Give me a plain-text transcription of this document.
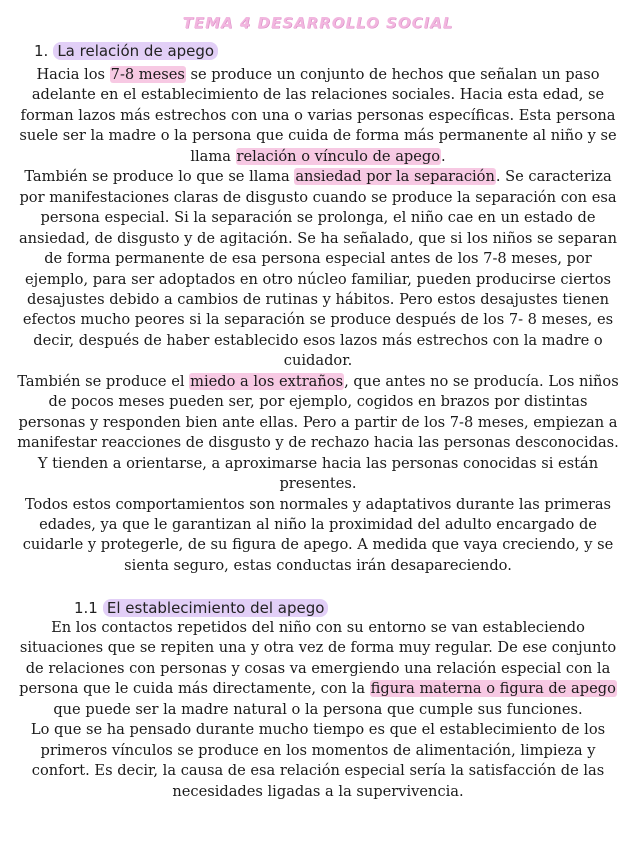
TEMA 4 DESARROLLO SOCIAL
1. La relación de apego
Hacia los 7-8 meses se produce un conjunto de hechos que señalan un paso adelante en el establecimiento de las relaciones sociales. Hacia esta edad, se forman lazos más estrechos con una o varias personas específicas. Esta persona suele ser la madre o la persona que cuida de forma más permanente al niño y se llama relación o vínculo de apego.
También se produce lo que se llama ansiedad por la separación. Se caracteriza por manifestaciones claras de disgusto cuando se produce la separación con esa persona especial. Si la separación se prolonga, el niño cae en un estado de ansiedad, de disgusto y de agitación. Se ha señalado, que si los niños se separan de forma permanente de esa persona especial antes de los 7-8 meses, por ejemplo, para ser adoptados en otro núcleo familiar, pueden producirse ciertos desajustes debido a cambios de rutinas y hábitos. Pero estos desajustes tienen efectos mucho peores si la separación se produce después de los 7- 8 meses, es decir, después de haber establecido esos lazos más estrechos con la madre o cuidador.
También se produce el miedo a los extraños, que antes no se producía. Los niños de pocos meses pueden ser, por ejemplo, cogidos en brazos por distintas personas y responden bien ante ellas. Pero a partir de los 7-8 meses, empiezan a manifestar reacciones de disgusto y de rechazo hacia las personas desconocidas. Y tienden a orientarse, a aproximarse hacia las personas conocidas si están presentes.
Todos estos comportamientos son normales y adaptativos durante las primeras edades, ya que le garantizan al niño la proximidad del adulto encargado de cuidarle y protegerle, de su figura de apego. A medida que vaya creciendo, y se sienta seguro, estas conductas irán desapareciendo.
1.1 El establecimiento del apego
En los contactos repetidos del niño con su entorno se van estableciendo situaciones que se repiten una y otra vez de forma muy regular. De ese conjunto de relaciones con personas y cosas va emergiendo una relación especial con la persona que le cuida más directamente, con la figura materna o figura de apego que puede ser la madre natural o la persona que cumple sus funciones.
Lo que se ha pensado durante mucho tiempo es que el establecimiento de los primeros vínculos se produce en los momentos de alimentación, limpieza y confort. Es decir, la causa de esa relación especial sería la satisfacción de las necesidades ligadas a la supervivencia.
